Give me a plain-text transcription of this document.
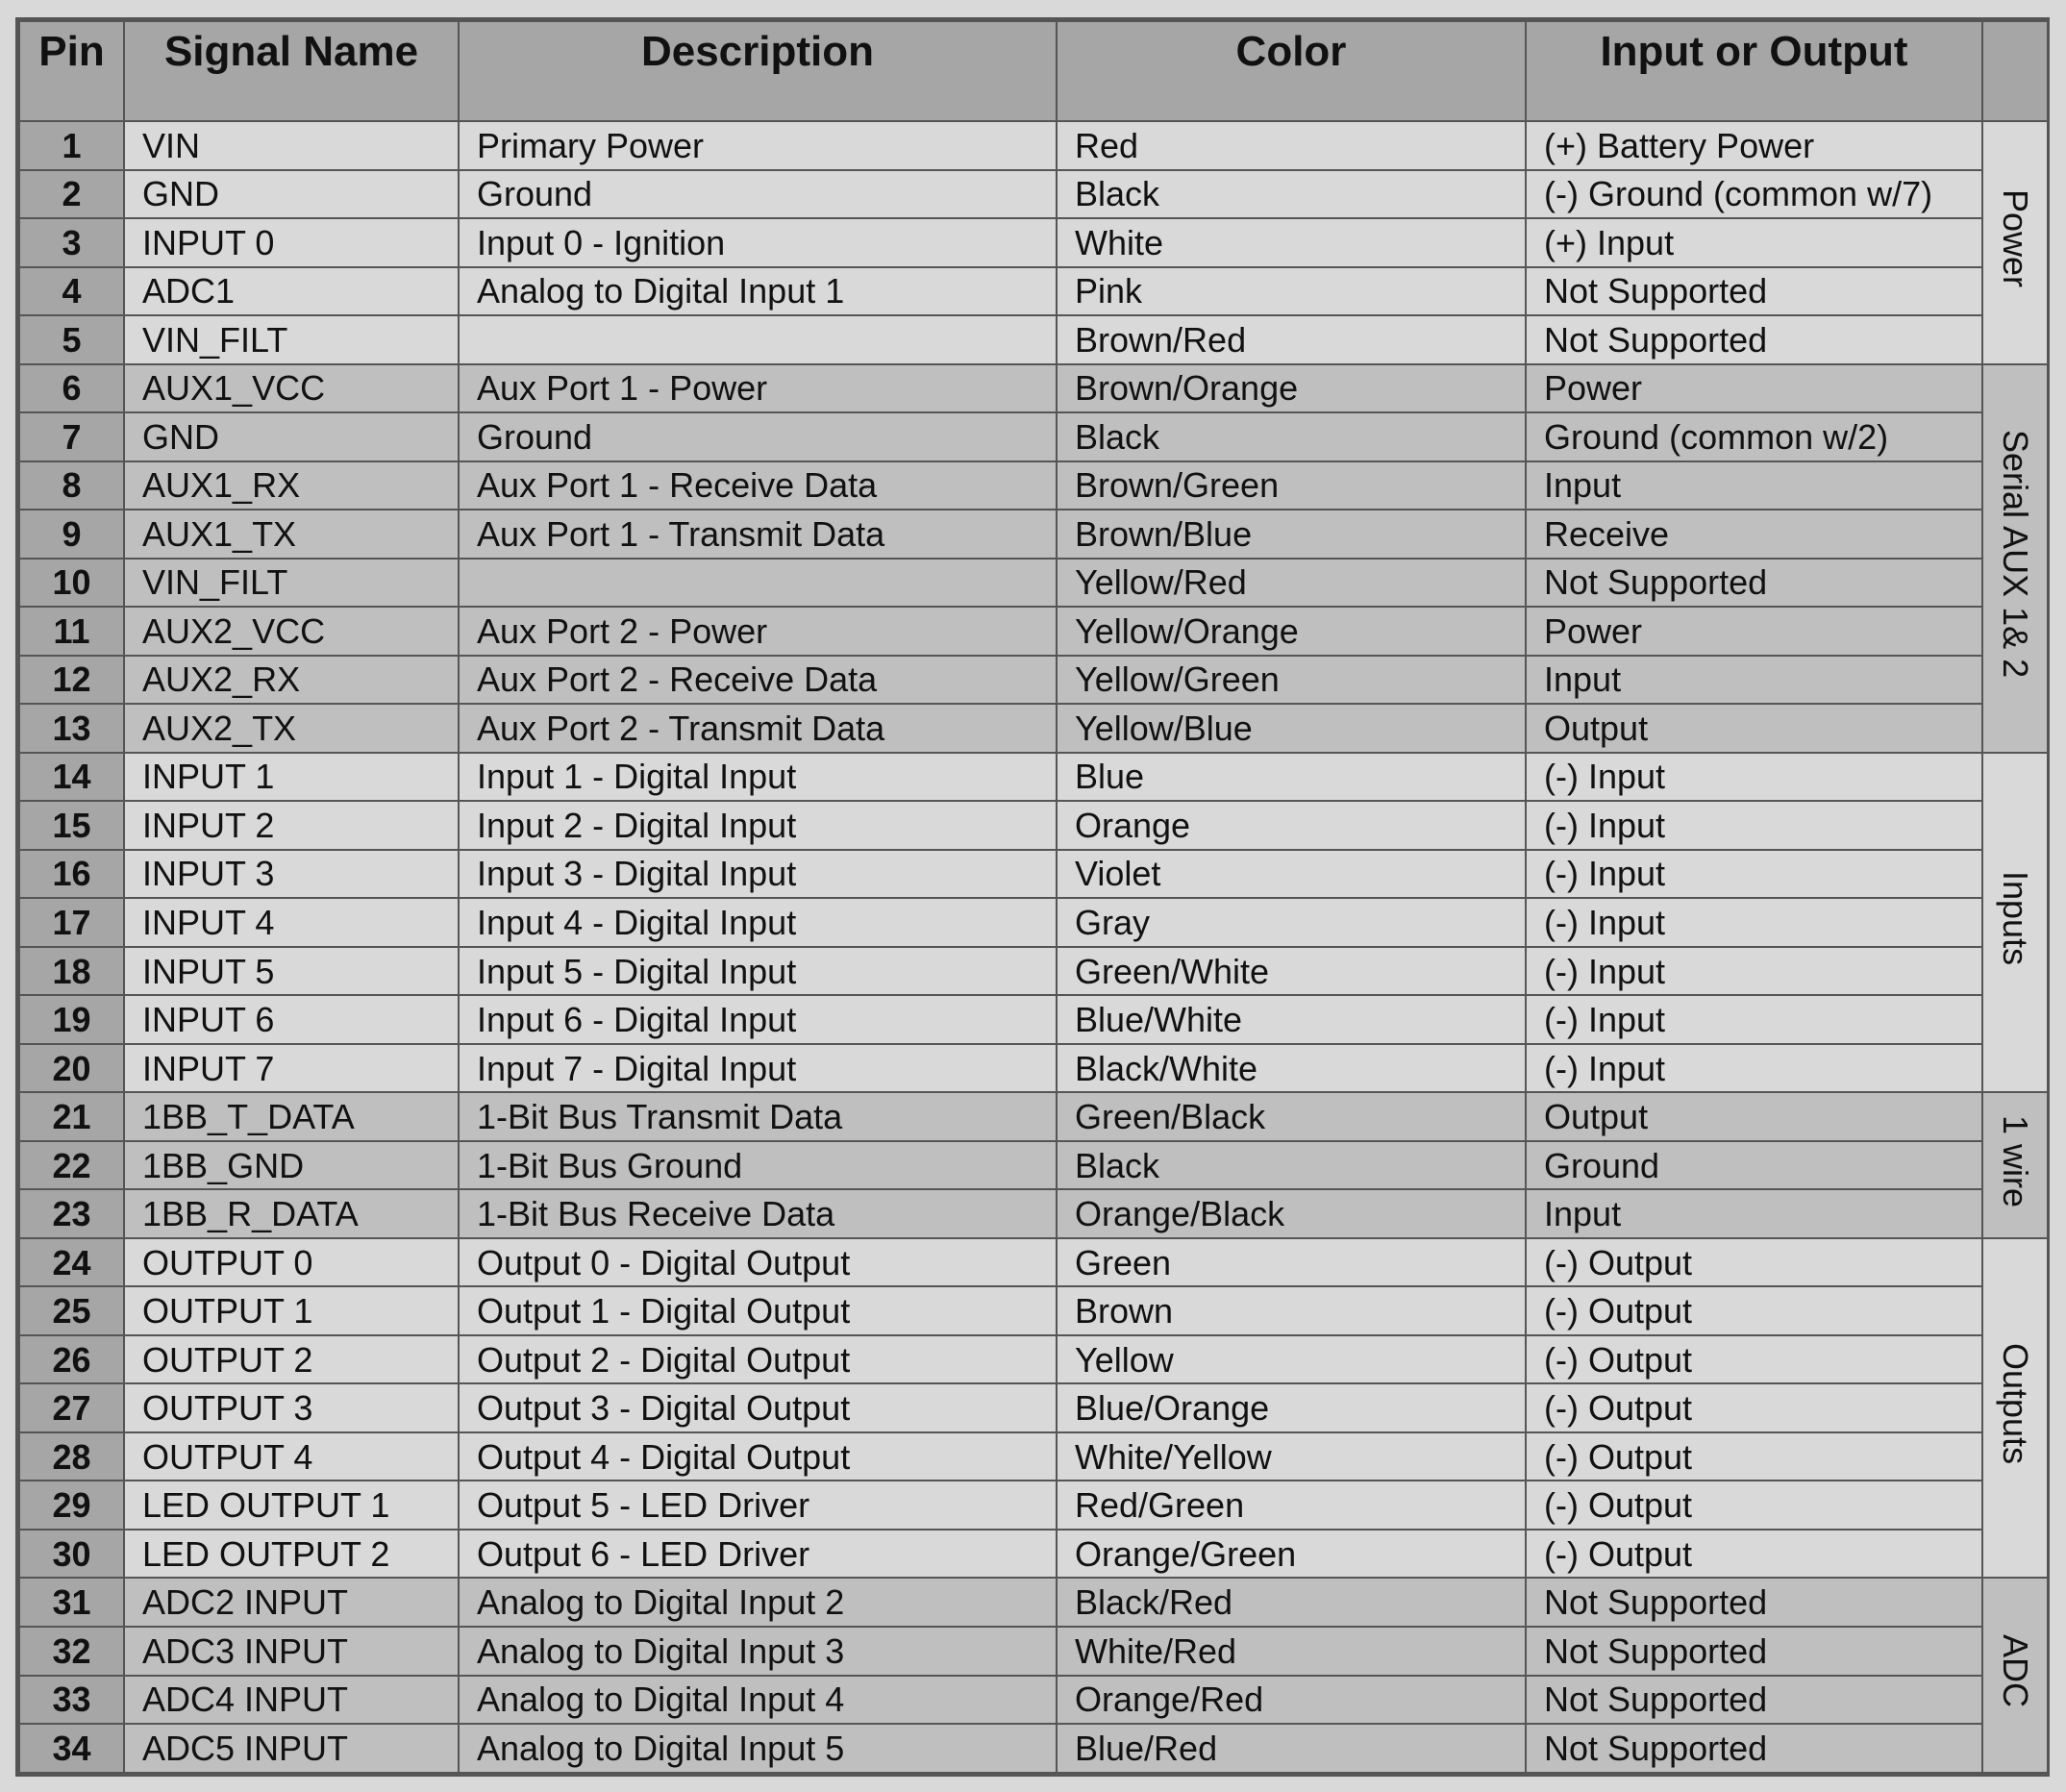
Pin	Signal Name	Description	Color	Input or Output	
1	VIN	Primary Power	Red	(+) Battery Power	Power
2	GND	Ground	Black	(-) Ground (common w/7)	
3	INPUT 0	Input 0 - Ignition	White	(+) Input	
4	ADC1	Analog to Digital Input 1	Pink	Not Supported	
5	VIN_FILT		Brown/Red	Not Supported	
6	AUX1_VCC	Aux Port 1 - Power	Brown/Orange	Power	Serial AUX 1& 2
7	GND	Ground	Black	Ground (common w/2)	
8	AUX1_RX	Aux Port 1 - Receive Data	Brown/Green	Input	
9	AUX1_TX	Aux Port 1 - Transmit Data	Brown/Blue	Receive	
10	VIN_FILT		Yellow/Red	Not Supported	
11	AUX2_VCC	Aux Port 2 - Power	Yellow/Orange	Power	
12	AUX2_RX	Aux Port 2 - Receive Data	Yellow/Green	Input	
13	AUX2_TX	Aux Port 2 - Transmit Data	Yellow/Blue	Output	
14	INPUT 1	Input 1 - Digital Input	Blue	(-) Input	Inputs
15	INPUT 2	Input 2 - Digital Input	Orange	(-) Input	
16	INPUT 3	Input 3 - Digital Input	Violet	(-) Input	
17	INPUT 4	Input 4 - Digital Input	Gray	(-) Input	
18	INPUT 5	Input 5 - Digital Input	Green/White	(-) Input	
19	INPUT 6	Input 6 - Digital Input	Blue/White	(-) Input	
20	INPUT 7	Input 7 - Digital Input	Black/White	(-) Input	
21	1BB_T_DATA	1-Bit Bus Transmit Data	Green/Black	Output	1 wire
22	1BB_GND	1-Bit Bus Ground	Black	Ground	
23	1BB_R_DATA	1-Bit Bus Receive Data	Orange/Black	Input	
24	OUTPUT 0	Output 0 - Digital Output	Green	(-) Output	Outputs
25	OUTPUT 1	Output 1 - Digital Output	Brown	(-) Output	
26	OUTPUT 2	Output 2 - Digital Output	Yellow	(-) Output	
27	OUTPUT 3	Output 3 - Digital Output	Blue/Orange	(-) Output	
28	OUTPUT 4	Output 4 - Digital Output	White/Yellow	(-) Output	
29	LED OUTPUT 1	Output 5 - LED Driver	Red/Green	(-) Output	
30	LED OUTPUT 2	Output 6 - LED Driver	Orange/Green	(-) Output	
31	ADC2 INPUT	Analog to Digital Input 2	Black/Red	Not Supported	ADC
32	ADC3 INPUT	Analog to Digital Input 3	White/Red	Not Supported	
33	ADC4 INPUT	Analog to Digital Input 4	Orange/Red	Not Supported	
34	ADC5 INPUT	Analog to Digital Input 5	Blue/Red	Not Supported	
